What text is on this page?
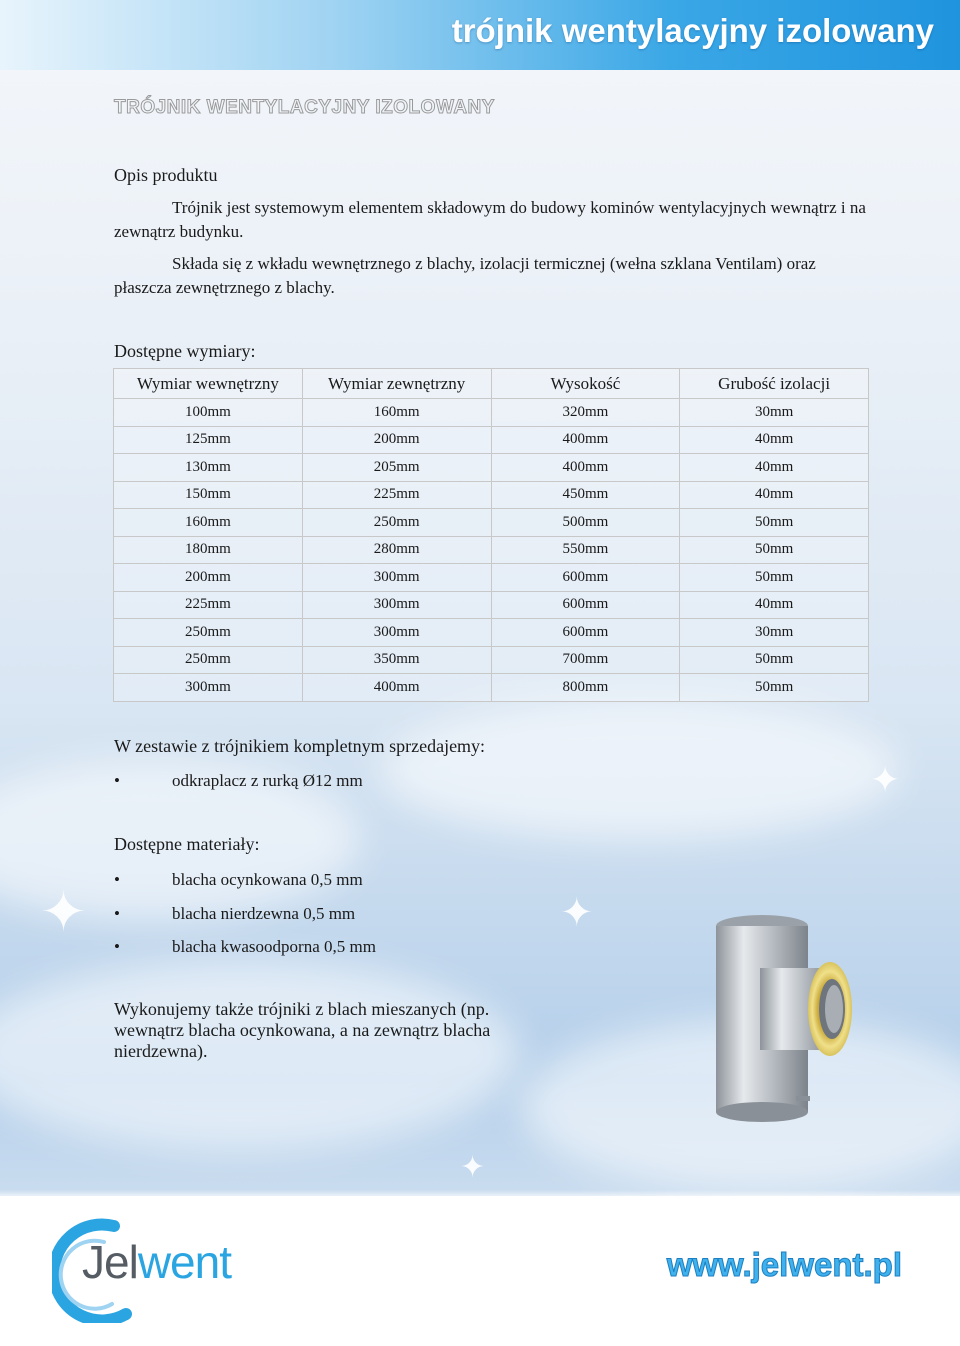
✦	✦
✦
✦
trójnik wentylacyjny izolowany
TRÓJNIK WENTYLACYJNY IZOLOWANY
Opis produktu

Trójnik jest systemowym elementem składowym do budowy kominów wentylacyjnych wewnątrz i na zewnątrz budynku.

Składa się z wkładu wewnętrznego z blachy, izolacji termicznej (wełna szklana Ventilam) oraz płaszcza zewnętrznego z blachy.

Dostępne wymiary:
Wymiar wewnętrzny	Wymiar zewnętrzny	Wysokość	Grubość izolacji
100mm	160mm	320mm	30mm
125mm	200mm	400mm	40mm
130mm	205mm	400mm	40mm
150mm	225mm	450mm	40mm
160mm	250mm	500mm	50mm
180mm	280mm	550mm	50mm
200mm	300mm	600mm	50mm
225mm	300mm	600mm	40mm
250mm	300mm	600mm	30mm
250mm	350mm	700mm	50mm
300mm	400mm	800mm	50mm
W zestawie z trójnikiem kompletnym sprzedajemy:
•	odkraplacz z rurką Ø12 mm
Dostępne materiały:
•	blacha ocynkowana 0,5 mm
•	blacha nierdzewna 0,5 mm
•	blacha kwasoodporna 0,5 mm

Wykonujemy także trójniki z blach mieszanych (np. wewnątrz blacha ocynkowana, a na zewnątrz blacha nierdzewna).

Jelwent	www.jelwent.pl
